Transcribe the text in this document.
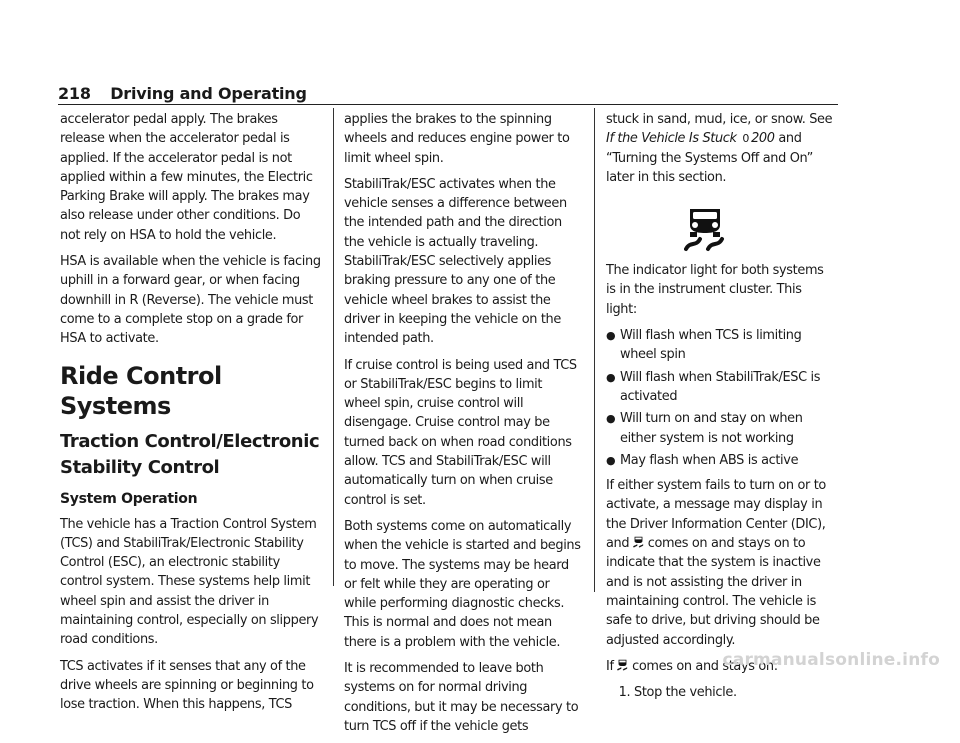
218 Driving and Operating

accelerator pedal apply. The brakes release when the accelerator pedal is applied. If the accelerator pedal is not applied within a few minutes, the Electric Parking Brake will apply. The brakes may also release under other conditions. Do not rely on HSA to hold the vehicle.

HSA is available when the vehicle is facing uphill in a forward gear, or when facing downhill in R (Reverse). The vehicle must come to a complete stop on a grade for HSA to activate.

Ride Control Systems
Traction Control/Electronic Stability Control
System Operation

The vehicle has a Traction Control System (TCS) and StabiliTrak/Electronic Stability Control (ESC), an electronic stability control system. These systems help limit wheel spin and assist the driver in maintaining control, especially on slippery road conditions.

TCS activates if it senses that any of the drive wheels are spinning or beginning to lose traction. When this happens, TCS

applies the brakes to the spinning wheels and reduces engine power to limit wheel spin.

StabiliTrak/ESC activates when the vehicle senses a difference between the intended path and the direction the vehicle is actually traveling. StabiliTrak/ESC selectively applies braking pressure to any one of the vehicle wheel brakes to assist the driver in keeping the vehicle on the intended path.

If cruise control is being used and TCS or StabiliTrak/ESC begins to limit wheel spin, cruise control will disengage. Cruise control may be turned back on when road conditions allow. TCS and StabiliTrak/ESC will automatically turn on when cruise control is set.

Both systems come on automatically when the vehicle is started and begins to move. The systems may be heard or felt while they are operating or while performing diagnostic checks. This is normal and does not mean there is a problem with the vehicle.

It is recommended to leave both systems on for normal driving conditions, but it may be necessary to turn TCS off if the vehicle gets

stuck in sand, mud, ice, or snow. See If the Vehicle Is Stuck 0 200 and “Turning the Systems Off and On” later in this section.

The indicator light for both systems is in the instrument cluster. This light:

● Will flash when TCS is limiting wheel spin
● Will flash when StabiliTrak/ESC is activated
● Will turn on and stay on when either system is not working
● May flash when ABS is active

If either system fails to turn on or to activate, a message may display in the Driver Information Center (DIC), and  comes on and stays on to indicate that the system is inactive and is not assisting the driver in maintaining control. The vehicle is safe to drive, but driving should be adjusted accordingly.

If  comes on and stays on:

1. Stop the vehicle.
carmanualsonline.info
